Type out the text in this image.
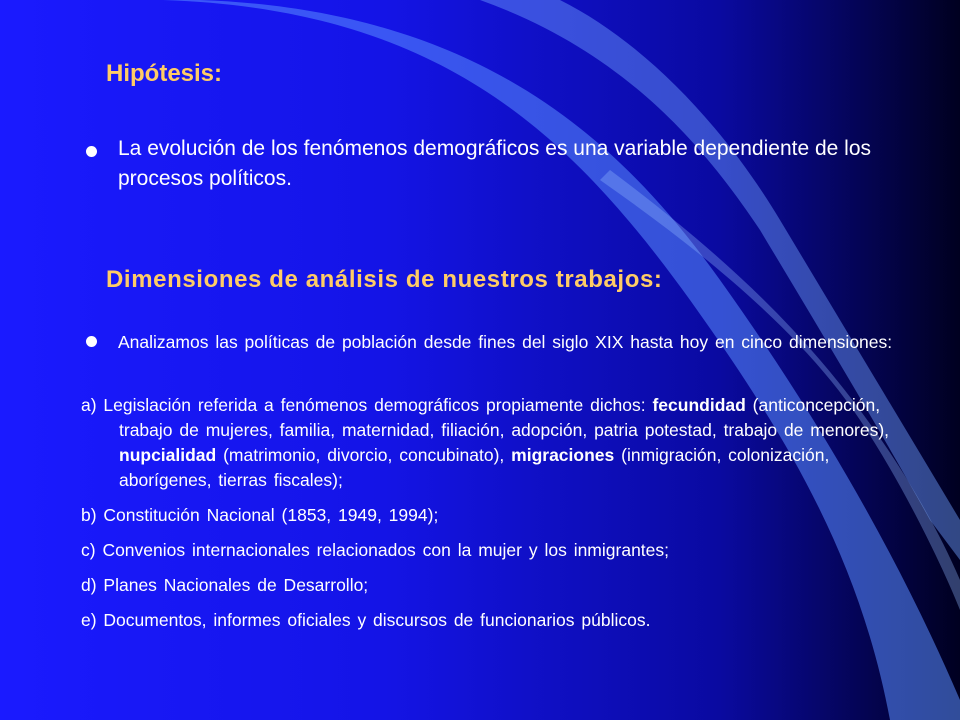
Hipótesis:

La evolución de los fenómenos demográficos es una variable dependiente de los procesos políticos.

Dimensiones de análisis de nuestros trabajos:

Analizamos las políticas de población desde fines del siglo XIX hasta hoy en cinco dimensiones:

a) Legislación referida a fenómenos demográficos propiamente dichos: fecundidad (anticoncepción, trabajo de mujeres, familia, maternidad, filiación, adopción, patria potestad, trabajo de menores), nupcialidad (matrimonio, divorcio, concubinato), migraciones (inmigración, colonización, aborígenes, tierras fiscales);

b) Constitución Nacional (1853, 1949, 1994);

c) Convenios internacionales relacionados con la mujer y los inmigrantes;

d) Planes Nacionales de Desarrollo;

e) Documentos, informes oficiales y discursos de funcionarios públicos.
